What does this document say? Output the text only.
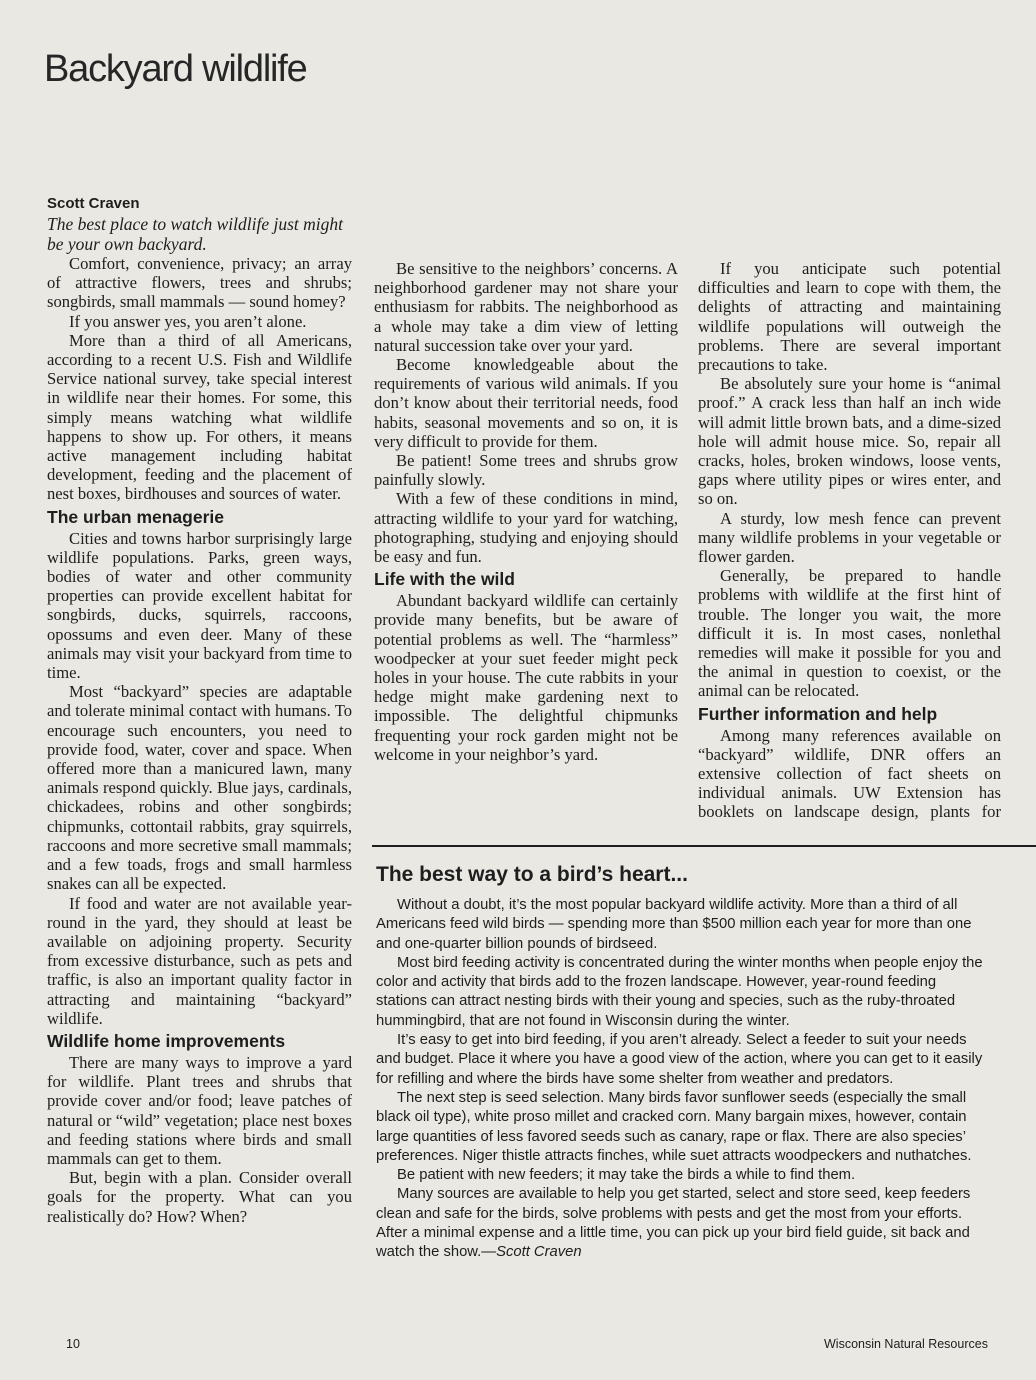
Backyard wildlife

Scott Craven

The best place to watch wildlife just might be your own backyard.

Comfort, convenience, privacy; an array of attractive flowers, trees and shrubs; songbirds, small mammals — sound homey?

If you answer yes, you aren’t alone.

More than a third of all Americans, according to a recent U.S. Fish and Wildlife Service national survey, take special interest in wildlife near their homes. For some, this simply means watching what wildlife happens to show up. For others, it means active management including habitat development, feeding and the placement of nest boxes, birdhouses and sources of water.

The urban menagerie

Cities and towns harbor surprisingly large wildlife populations. Parks, green ways, bodies of water and other community properties can provide excellent habitat for songbirds, ducks, squirrels, raccoons, opossums and even deer. Many of these animals may visit your backyard from time to time.

Most “backyard” species are adaptable and tolerate minimal contact with humans. To encourage such encounters, you need to provide food, water, cover and space. When offered more than a manicured lawn, many animals respond quickly. Blue jays, cardinals, chickadees, robins and other songbirds; chipmunks, cottontail rabbits, gray squirrels, raccoons and more secretive small mammals; and a few toads, frogs and small harmless snakes can all be expected.

If food and water are not available year-round in the yard, they should at least be available on adjoining property. Security from excessive disturbance, such as pets and traffic, is also an important quality factor in attracting and maintaining “backyard” wildlife.

Wildlife home improvements

There are many ways to improve a yard for wildlife. Plant trees and shrubs that provide cover and/or food; leave patches of natural or “wild” vegetation; place nest boxes and feeding stations where birds and small mammals can get to them.

But, begin with a plan. Consider overall goals for the property. What can you realistically do? How? When?

Be sensitive to the neighbors’ concerns. A neighborhood gardener may not share your enthusiasm for rabbits. The neighborhood as a whole may take a dim view of letting natural succession take over your yard.

Become knowledgeable about the requirements of various wild animals. If you don’t know about their territorial needs, food habits, seasonal movements and so on, it is very difficult to provide for them.

Be patient! Some trees and shrubs grow painfully slowly.

With a few of these conditions in mind, attracting wildlife to your yard for watching, photographing, studying and enjoying should be easy and fun.

Life with the wild

Abundant backyard wildlife can certainly provide many benefits, but be aware of potential problems as well. The “harmless” woodpecker at your suet feeder might peck holes in your house. The cute rabbits in your hedge might make gardening next to impossible. The delightful chipmunks frequenting your rock garden might not be welcome in your neighbor’s yard.

If you anticipate such potential difficulties and learn to cope with them, the delights of attracting and maintaining wildlife populations will outweigh the problems. There are several important precautions to take.

Be absolutely sure your home is “animal proof.” A crack less than half an inch wide will admit little brown bats, and a dime-sized hole will admit house mice. So, repair all cracks, holes, broken windows, loose vents, gaps where utility pipes or wires enter, and so on.

A sturdy, low mesh fence can prevent many wildlife problems in your vegetable or flower garden.

Generally, be prepared to handle problems with wildlife at the first hint of trouble. The longer you wait, the more difficult it is. In most cases, nonlethal remedies will make it possible for you and the animal in question to coexist, or the animal can be relocated.

Further information and help

Among many references available on “backyard” wildlife, DNR offers an extensive collection of fact sheets on individual animals. UW Extension has booklets on landscape design, plants for

The best way to a bird’s heart...

Without a doubt, it’s the most popular backyard wildlife activity. More than a third of all Americans feed wild birds — spending more than $500 million each year for more than one and one-quarter billion pounds of birdseed.

Most bird feeding activity is concentrated during the winter months when people enjoy the color and activity that birds add to the frozen landscape. However, year-round feeding stations can attract nesting birds with their young and species, such as the ruby-throated hummingbird, that are not found in Wisconsin during the winter.

It’s easy to get into bird feeding, if you aren’t already. Select a feeder to suit your needs and budget. Place it where you have a good view of the action, where you can get to it easily for refilling and where the birds have some shelter from weather and predators.

The next step is seed selection. Many birds favor sunflower seeds (especially the small black oil type), white proso millet and cracked corn. Many bargain mixes, however, contain large quantities of less favored seeds such as canary, rape or flax. There are also species’ preferences. Niger thistle attracts finches, while suet attracts woodpeckers and nuthatches.

Be patient with new feeders; it may take the birds a while to find them.

Many sources are available to help you get started, select and store seed, keep feeders clean and safe for the birds, solve problems with pests and get the most from your efforts. After a minimal expense and a little time, you can pick up your bird field guide, sit back and watch the show.—Scott Craven

10	Wisconsin Natural Resources
